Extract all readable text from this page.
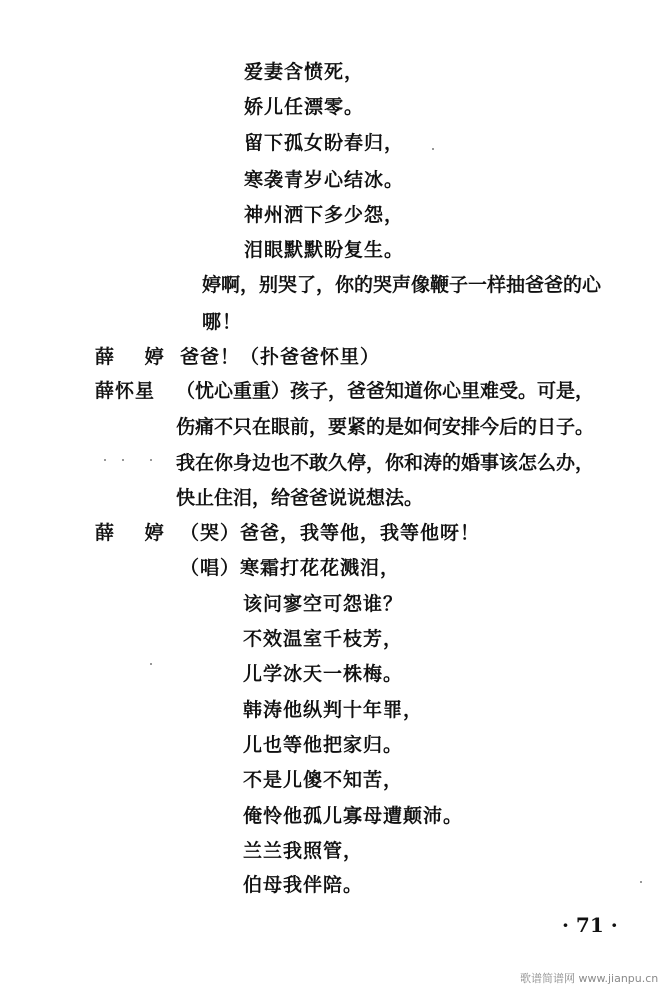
爱妻含愤死，
娇儿任漂零。
留下孤女盼春归，
寒袭青岁心结冰。
神州洒下多少怨，
泪眼默默盼复生。
婷啊，别哭了，你的哭声像鞭子一样抽爸爸的心
哪！
薛 婷 爸爸！（扑爸爸怀里）
薛怀星 （忧心重重）孩子，爸爸知道你心里难受。可是，
伤痛不只在眼前，要紧的是如何安排今后的日子。
我在你身边也不敢久停，你和涛的婚事该怎么办，
快止住泪，给爸爸说说想法。
薛 婷 （哭）爸爸，我等他，我等他呀！
（唱）寒霜打花花溅泪，
该问寥空可怨谁？
不效温室千枝芳，
儿学冰天一株梅。
韩涛他纵判十年罪，
儿也等他把家归。
不是儿傻不知苦，
俺怜他孤儿寡母遭颠沛。
兰兰我照管，
伯母我伴陪。
· 71 ·
歌谱简谱网 www.jianpu.cn
